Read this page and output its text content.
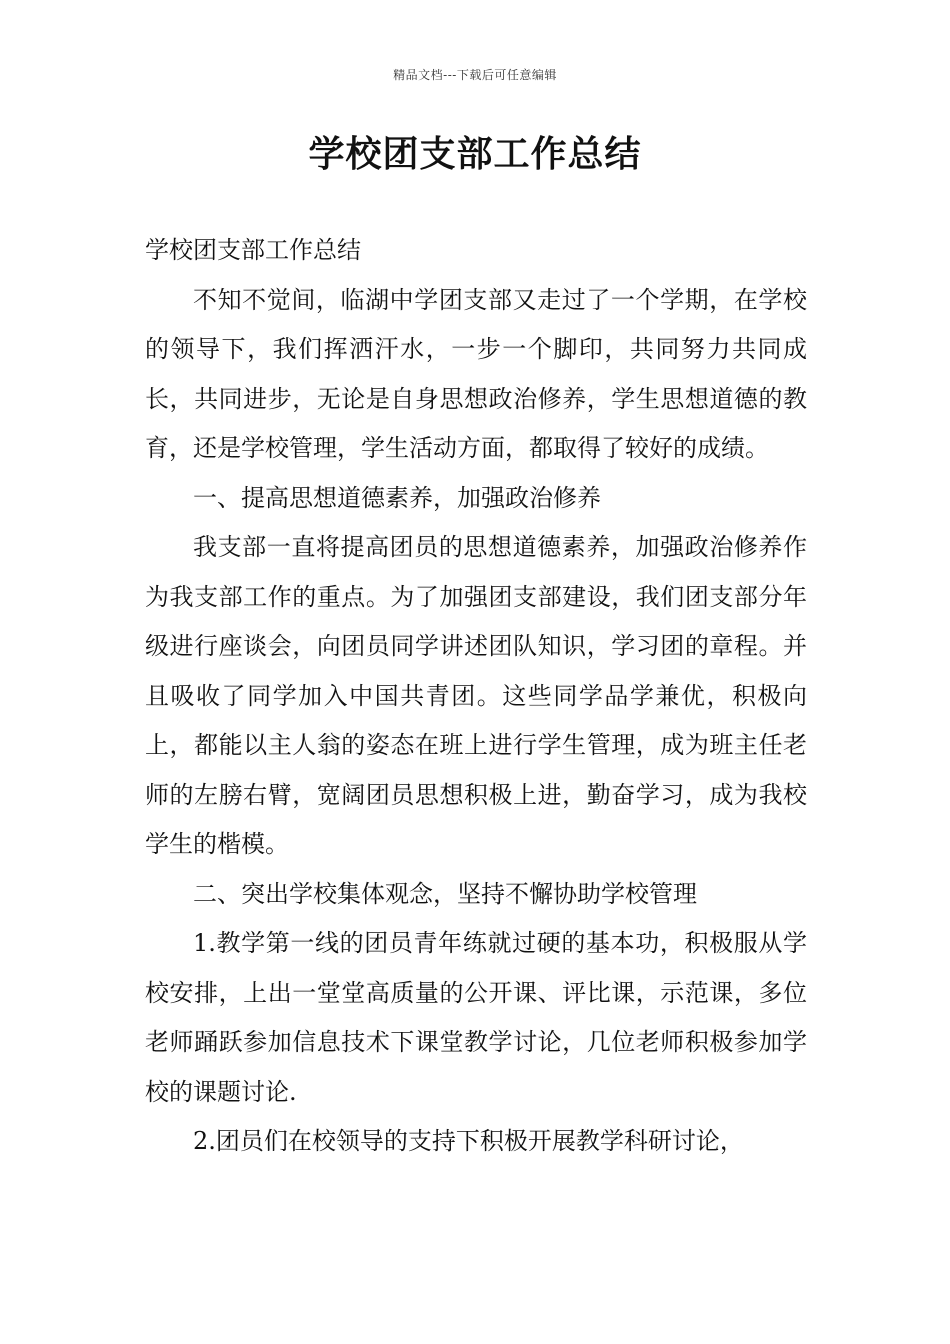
精品文档---下载后可任意编辑
学校团支部工作总结

学校团支部工作总结

不知不觉间，临湖中学团支部又走过了一个学期，在学校的领导下，我们挥洒汗水，一步一个脚印，共同努力共同成长，共同进步，无论是自身思想政治修养，学生思想道德的教育，还是学校管理，学生活动方面，都取得了较好的成绩。

一、提高思想道德素养，加强政治修养

我支部一直将提高团员的思想道德素养，加强政治修养作为我支部工作的重点。为了加强团支部建设，我们团支部分年级进行座谈会，向团员同学讲述团队知识，学习团的章程。并且吸收了同学加入中国共青团。这些同学品学兼优，积极向上，都能以主人翁的姿态在班上进行学生管理，成为班主任老师的左膀右臂，宽阔团员思想积极上进，勤奋学习，成为我校学生的楷模。

二、突出学校集体观念，坚持不懈协助学校管理

1.教学第一线的团员青年练就过硬的基本功，积极服从学校安排，上出一堂堂高质量的公开课、评比课，示范课，多位老师踊跃参加信息技术下课堂教学讨论，几位老师积极参加学校的课题讨论.

2.团员们在校领导的支持下积极开展教学科研讨论，
